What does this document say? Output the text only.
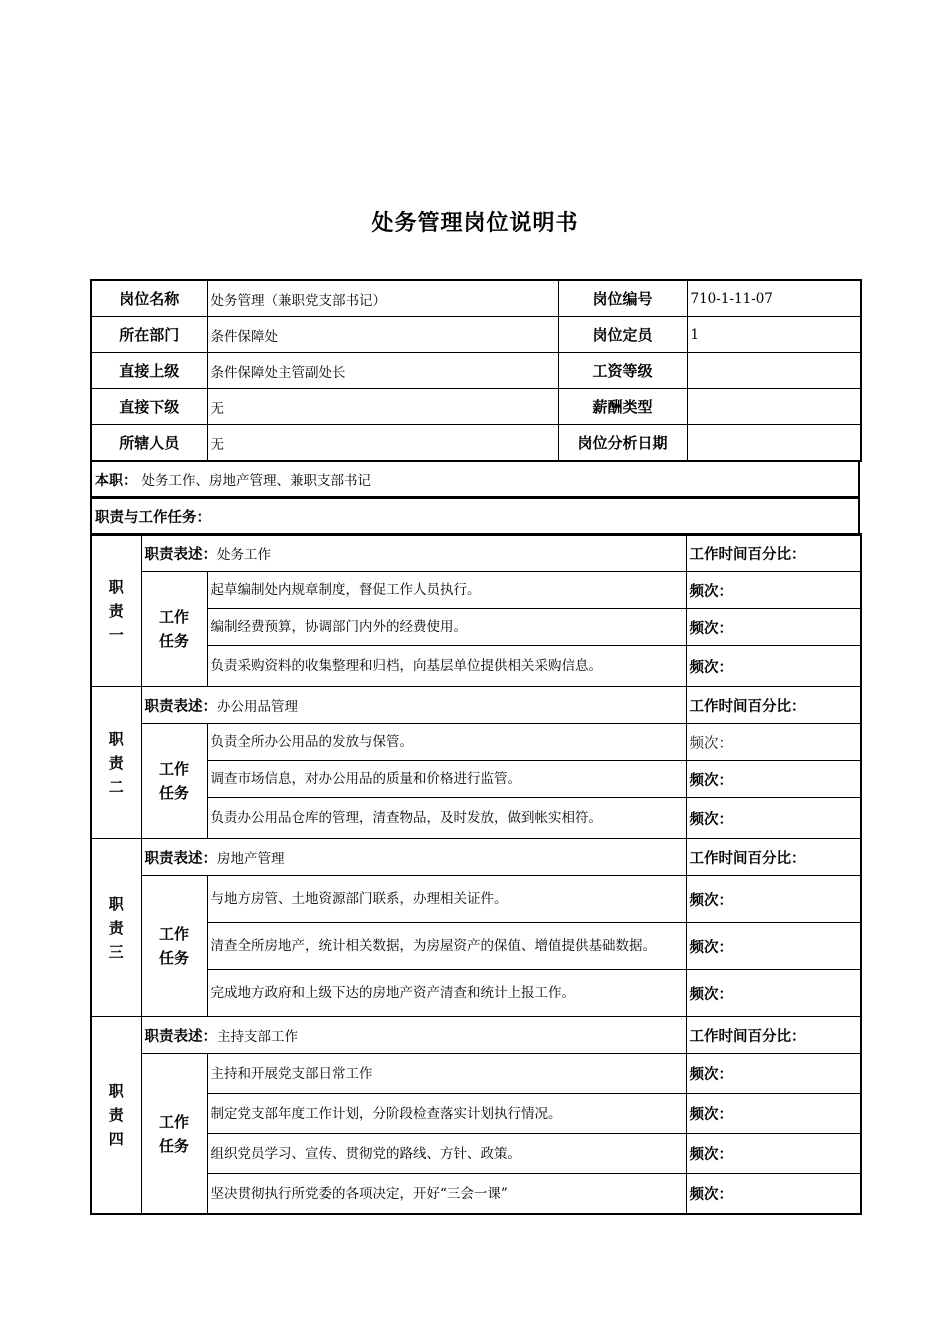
处务管理岗位说明书
岗位名称	处务管理（兼职党支部书记）	岗位编号	710-1-11-07
所在部门	条件保障处	岗位定员	1
直接上级	条件保障处主管副处长	工资等级	
直接下级	无	薪酬类型	
所辖人员	无	岗位分析日期	
本职： 处务工作、房地产管理、兼职支部书记
职责与工作任务：
职
责
一	职责表述：处务工作		工作时间百分比：
	工作
任务	起草编制处内规章制度，督促工作人员执行。	频次：
		编制经费预算，协调部门内外的经费使用。	频次：
		负责采购资料的收集整理和归档，向基层单位提供相关采购信息。	频次：
职
责
二	职责表述：办公用品管理		工作时间百分比：
	工作
任务	负责全所办公用品的发放与保管。	频次：
		调查市场信息，对办公用品的质量和价格进行监管。	频次：
		负责办公用品仓库的管理，清查物品，及时发放，做到帐实相符。	频次：
职
责
三	职责表述：房地产管理		工作时间百分比：
	工作
任务	与地方房管、土地资源部门联系，办理相关证件。	频次：
		清查全所房地产，统计相关数据，为房屋资产的保值、增值提供基础数据。	频次：
		完成地方政府和上级下达的房地产资产清查和统计上报工作。	频次：
职
责
四	职责表述：主持支部工作		工作时间百分比：
	工作
任务	主持和开展党支部日常工作	频次：
		制定党支部年度工作计划，分阶段检查落实计划执行情况。	频次：
		组织党员学习、宣传、贯彻党的路线、方针、政策。	频次：
		坚决贯彻执行所党委的各项决定，开好“三会一课”	频次：
